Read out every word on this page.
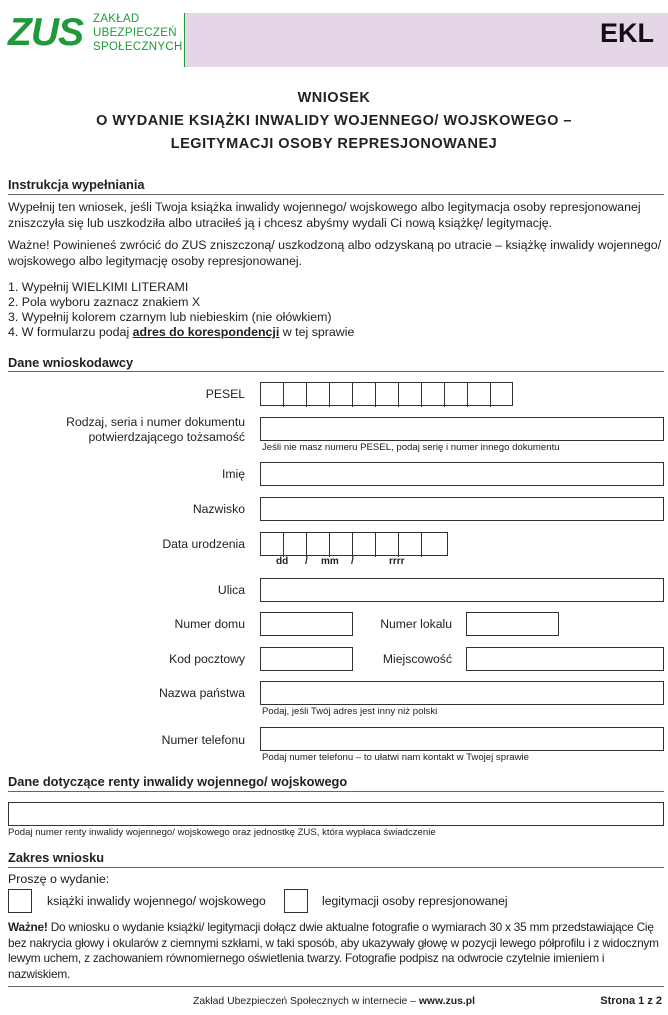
ZUS ZAKŁAD
UBEZPIECZEŃ
SPOŁECZNYCH	EKL
WNIOSEK
O WYDANIE KSIĄŻKI INWALIDY WOJENNEGO/ WOJSKOWEGO –
LEGITYMACJI OSOBY REPRESJONOWANEJ
Instrukcja wypełniania
Wypełnij ten wniosek, jeśli Twoja książka inwalidy wojennego/ wojskowego albo legitymacja osoby represjonowanej zniszczyła się lub uszkodziła albo utraciłeś ją i chcesz abyśmy wydali Ci nową książkę/ legitymację.
Ważne! Powinieneś zwrócić do ZUS zniszczoną/ uszkodzoną albo odzyskaną po utracie – książkę inwalidy wojennego/ wojskowego albo legitymację osoby represjonowanej.
1. Wypełnij WIELKIMI LITERAMI
2. Pola wyboru zaznacz znakiem X
3. Wypełnij kolorem czarnym lub niebieskim (nie ołówkiem)
4. W formularzu podaj adres do korespondencji w tej sprawie
Dane wnioskodawcy
PESEL
Rodzaj, seria i numer dokumentu
potwierdzającego tożsamość
Jeśli nie masz numeru PESEL, podaj serię i numer innego dokumentu
Imię
Nazwisko
Data urodzenia
dd / mm /	rrrr
Ulica
Numer domu	Numer lokalu
Kod pocztowy	Miejscowość
Nazwa państwa
Podaj, jeśli Twój adres jest inny niż polski
Numer telefonu
Podaj numer telefonu – to ułatwi nam kontakt w Twojej sprawie
Dane dotyczące renty inwalidy wojennego/ wojskowego
Podaj numer renty inwalidy wojennego/ wojskowego oraz jednostkę ZUS, która wypłaca świadczenie
Zakres wniosku
Proszę o wydanie:
książki inwalidy wojennego/ wojskowego	legitymacji osoby represjonowanej
Ważne! Do wniosku o wydanie książki/ legitymacji dołącz dwie aktualne fotografie o wymiarach 30 x 35 mm przedstawiające Cię bez nakrycia głowy i okularów z ciemnymi szkłami, w taki sposób, aby ukazywały głowę w pozycji lewego półprofilu i z widocznym lewym uchem, z zachowaniem równomiernego oświetlenia twarzy. Fotografie podpisz na odwrocie czytelnie imieniem i nazwiskiem.
Zakład Ubezpieczeń Społecznych w internecie – www.zus.pl	Strona 1 z 2
